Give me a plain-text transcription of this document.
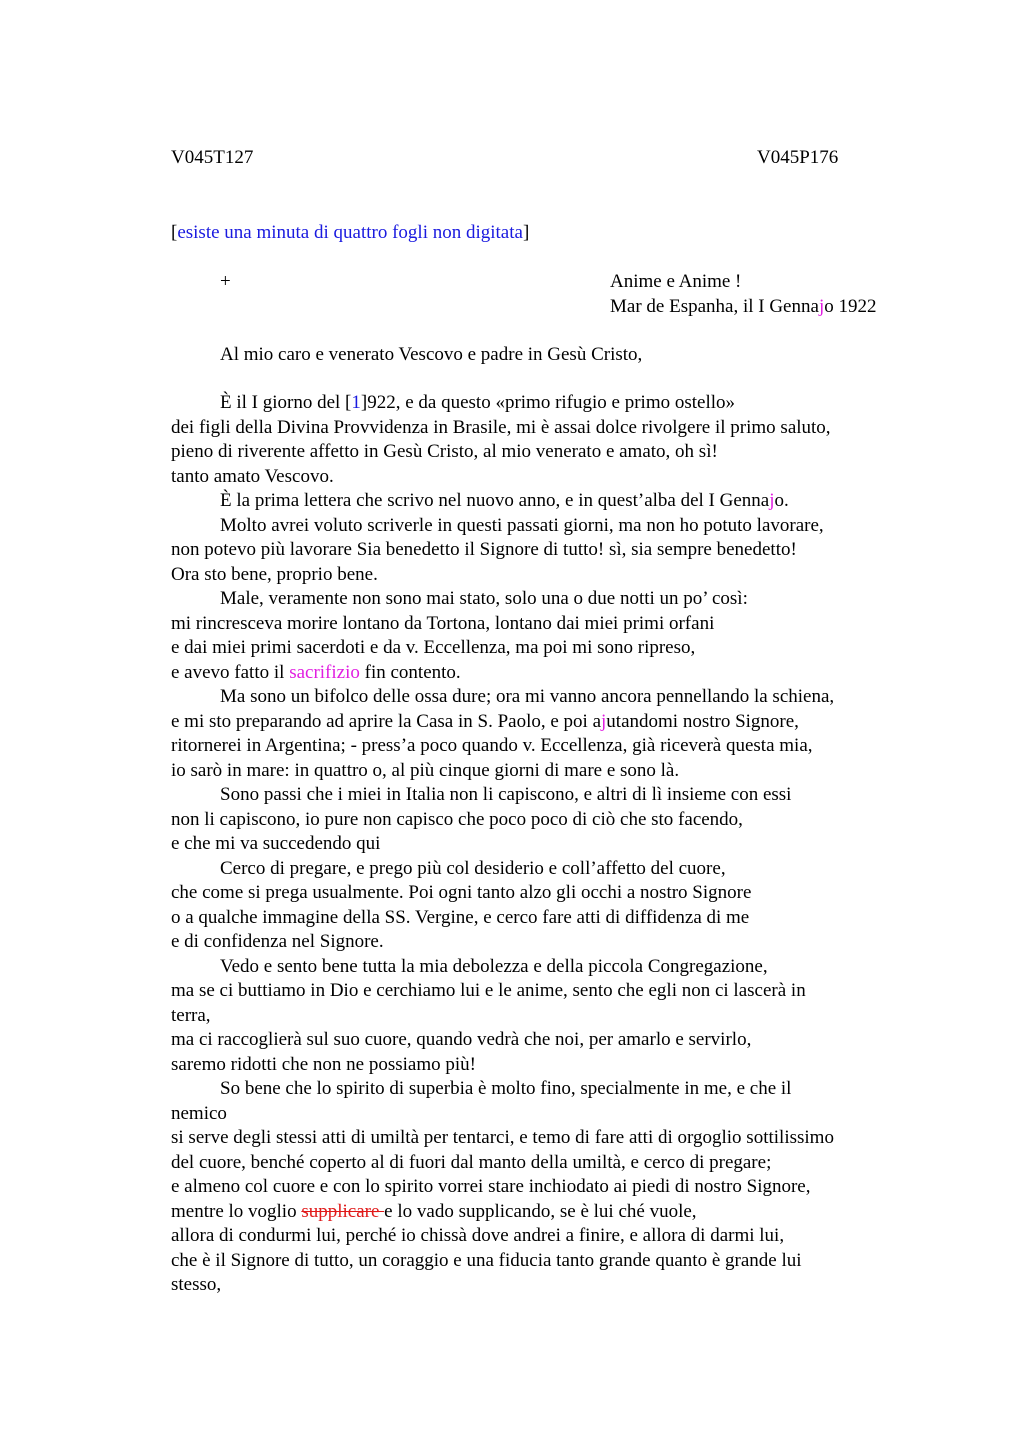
V045T127	V045P176
[esiste una minuta di quattro fogli non digitata]
+	Anime e Anime !
Mar de Espanha, il I Gennajo 1922
Al mio caro e venerato Vescovo e padre in Gesù Cristo,
È il I giorno del [1]922, e da questo «primo rifugio e primo ostello»
dei figli della Divina Provvidenza in Brasile, mi è assai dolce rivolgere il primo saluto,
pieno di riverente affetto in Gesù Cristo, al mio venerato e amato, oh sì!
tanto amato Vescovo.
È la prima lettera che scrivo nel nuovo anno, e in quest’alba del I Gennajo.
Molto avrei voluto scriverle in questi passati giorni, ma non ho potuto lavorare,
non potevo più lavorare Sia benedetto il Signore di tutto! sì, sia sempre benedetto!
Ora sto bene, proprio bene.
Male, veramente non sono mai stato, solo una o due notti un po’ così:
mi rincresceva morire lontano da Tortona, lontano dai miei primi orfani
e dai miei primi sacerdoti e da v. Eccellenza, ma poi mi sono ripreso,
e avevo fatto il sacrifizio fin contento.
Ma sono un bifolco delle ossa dure; ora mi vanno ancora pennellando la schiena,
e mi sto preparando ad aprire la Casa in S. Paolo, e poi ajutandomi nostro Signore,
ritornerei in Argentina; - press’a poco quando v. Eccellenza, già riceverà questa mia,
io sarò in mare: in quattro o, al più cinque giorni di mare e sono là.
Sono passi che i miei in Italia non li capiscono, e altri di lì insieme con essi
non li capiscono, io pure non capisco che poco poco di ciò che sto facendo,
e che mi va succedendo qui
Cerco di pregare, e prego più col desiderio e coll’affetto del cuore,
che come si prega usualmente. Poi ogni tanto alzo gli occhi a nostro Signore
o a qualche immagine della SS. Vergine, e cerco fare atti di diffidenza di me
e di confidenza nel Signore.
Vedo e sento bene tutta la mia debolezza e della piccola Congregazione,
ma se ci buttiamo in Dio e cerchiamo lui e le anime, sento che egli non ci lascerà in
terra,
ma ci raccoglierà sul suo cuore, quando vedrà che noi, per amarlo e servirlo,
saremo ridotti che non ne possiamo più!
So bene che lo spirito di superbia è molto fino, specialmente in me, e che il
nemico
si serve degli stessi atti di umiltà per tentarci, e temo di fare atti di orgoglio sottilissimo
del cuore, benché coperto al di fuori dal manto della umiltà, e cerco di pregare;
e almeno col cuore e con lo spirito vorrei stare inchiodato ai piedi di nostro Signore,
mentre lo voglio supplicare e lo vado supplicando, se è lui ché vuole,
allora di condurmi lui, perché io chissà dove andrei a finire, e allora di darmi lui,
che è il Signore di tutto, un coraggio e una fiducia tanto grande quanto è grande lui
stesso,
